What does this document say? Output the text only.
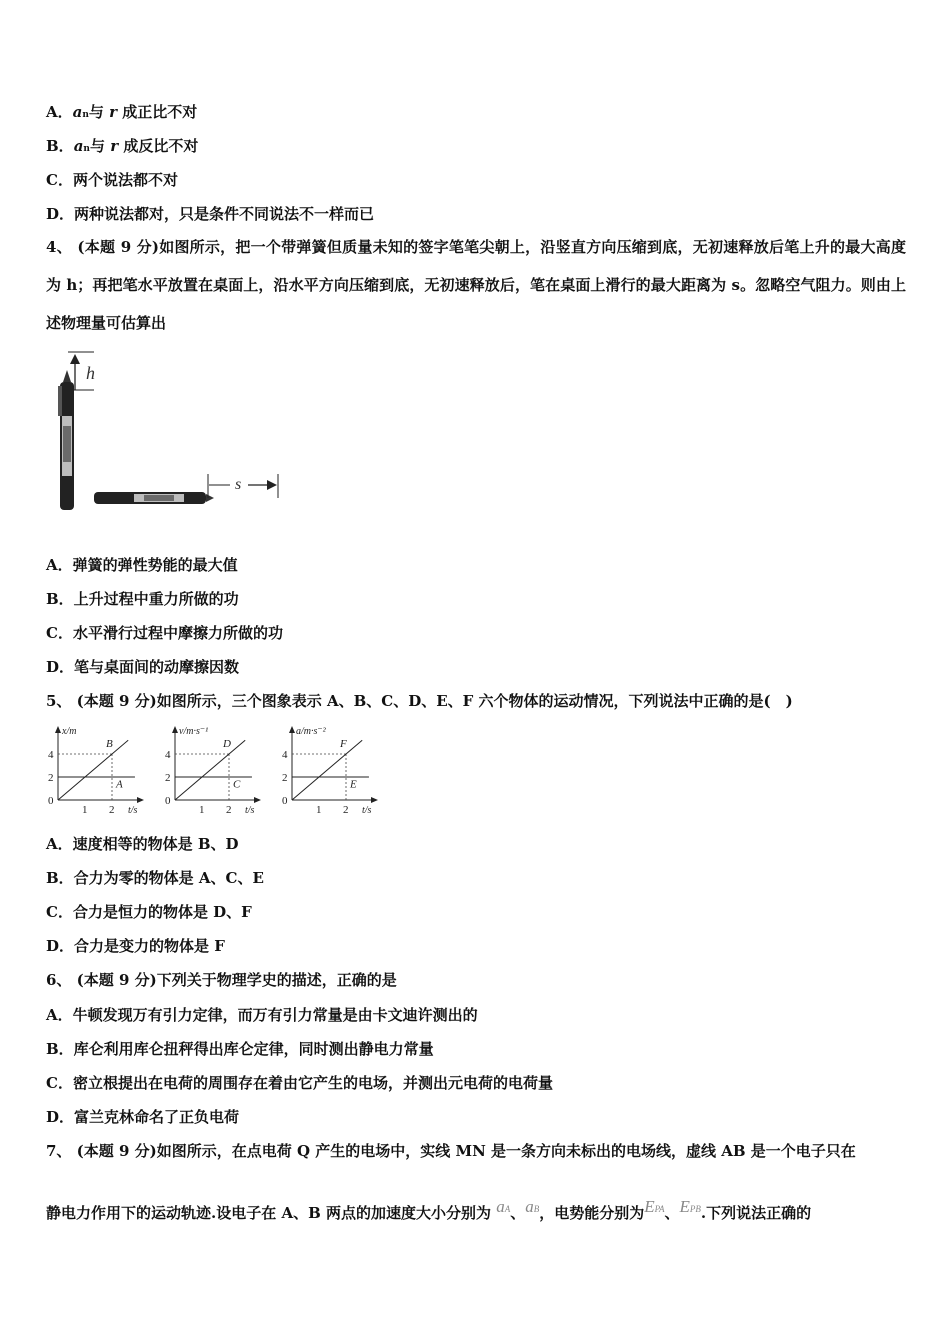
A．an与 r 成正比不对
B．an与 r 成反比不对
C．两个说法都不对
D．两种说法都对，只是条件不同说法不一样而已
4、 (本题 9 分)如图所示，把一个带弹簧但质量未知的签字笔笔尖朝上，沿竖直方向压缩到底，无初速释放后笔上升的最大高度为 h；再把笔水平放置在桌面上，沿水平方向压缩到底，无初速释放后，笔在桌面上滑行的最大距离为 s。忽略空气阻力。则由上述物理量可估算出
h
s
A．弹簧的弹性势能的最大值
B．上升过程中重力所做的功
C．水平滑行过程中摩擦力所做的功
D．笔与桌面间的动摩擦因数
5、 (本题 9 分)如图所示，三个图象表示 A、B、C、D、E、F 六个物体的运动情况，下列说法中正确的是(　)
x/m
t/s
0
2
4
1 2
B
A
v/m·s⁻¹
t/s
0
2
4
1 2
D
C
a/m·s⁻²
t/s
0
2
4
1 2
F
E
A．速度相等的物体是 B、D
B．合力为零的物体是 A、C、E
C．合力是恒力的物体是 D、F
D．合力是变力的物体是 F
6、 (本题 9 分)下列关于物理学史的描述，正确的是
A．牛顿发现万有引力定律，而万有引力常量是由卡文迪许测出的
B．库仑利用库仑扭秤得出库仑定律，同时测出静电力常量
C．密立根提出在电荷的周围存在着由它产生的电场，并测出元电荷的电荷量
D．富兰克林命名了正负电荷
7、 (本题 9 分)如图所示，在点电荷 Q 产生的电场中，实线 MN 是一条方向未标出的电场线，虚线 AB 是一个电子只在
静电力作用下的运动轨迹.设电子在 A、B 两点的加速度大小分别为 aA、aB，电势能分别为EPA、EPB.下列说法正确的
